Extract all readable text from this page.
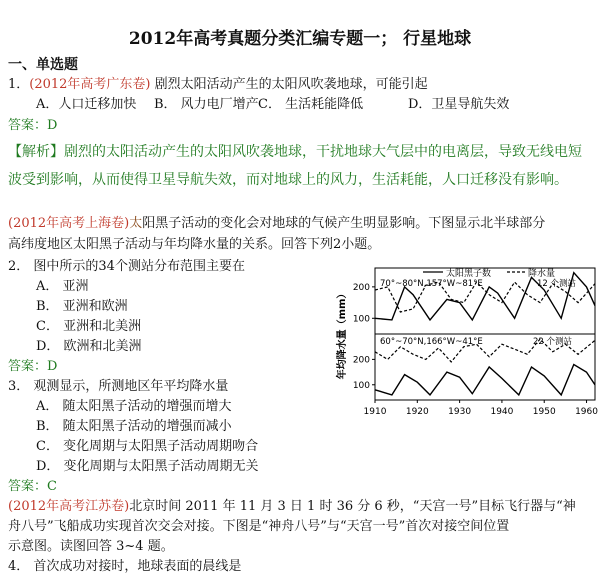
2012年高考真题分类汇编专题一； 行星地球
一、单选题
1．(2012年高考广东卷) 剧烈太阳活动产生的太阳风吹袭地球，可能引起
A．人口迁移加快 B． 风力电厂增产C． 生活耗能降低	D．卫星导航失效
答案：D
【解析】剧烈的太阳活动产生的太阳风吹袭地球，干扰地球大气层中的电离层，导致无线电短
波受到影响，从而使得卫星导航失效，而对地球上的风力，生活耗能，人口迁移没有影响。
(2012年高考上海卷)太阳黑子活动的变化会对地球的气候产生明显影响。下图显示北半球部分
高纬度地区太阳黑子活动与年均降水量的关系。回答下列2小题。
2． 图中所示的34个测站分布范围主要在
A． 亚洲
B． 亚洲和欧洲
C． 亚洲和北美洲
D． 欧洲和北美洲
答案：D
3． 观测显示，所测地区年平均降水量
A． 随太阳黑子活动的增强而增大
B． 随太阳黑子活动的增强而减小
C． 变化周期与太阳黑子活动周期吻合
D． 变化周期与太阳黑子活动周期无关
答案：C
(2012年高考江苏卷)北京时间 2011 年 11 月 3 日 1 时 36 分 6 秒，“天宫一号”目标飞行器与“神
舟八号”飞船成功实现首次交会对接。下图是“神舟八号”与“天宫一号”首次对接空间位置
示意图。读图回答 3~4 题。
4． 首次成功对接时，地球表面的晨线是
年均降水量（mm）
1910 1920 1930 1940 1950 1960
太阳黑子数	降水量
100
200 70°~80°N,157°W~81°E	12 个测站
100
200
60°~70°N,166°W~41°E	22 个测站
